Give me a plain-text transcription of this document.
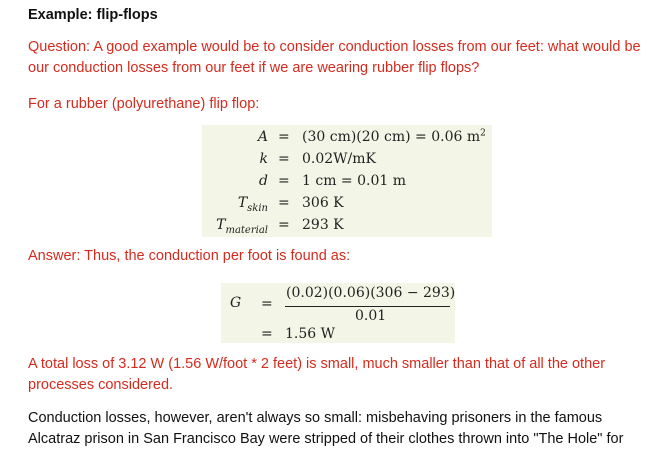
Example: flip-flops
Question: A good example would be to consider conduction losses from our feet: what would be our conduction losses from our feet if we are wearing rubber flip flops?
For a rubber (polyurethane) flip flop:
A = (30 cm)(20 cm) = 0.06 $m^2$
k = 0.02W/mK
d = 1 cm = 0.01 m
$T_{skin} = 306$ K
$T_{material} = 293$ K
Answer: Thus, the conduction per foot is found as:
G =
(0.02)(0.06)(306 − 293)
0.01
= 1.56 W
A total loss of 3.12 W (1.56 W/foot * 2 feet) is small, much smaller than that of all the other processes considered.
Conduction losses, however, aren't always so small: misbehaving prisoners in the famous Alcatraz prison in San Francisco Bay were stripped of their clothes thrown into "The Hole" for
